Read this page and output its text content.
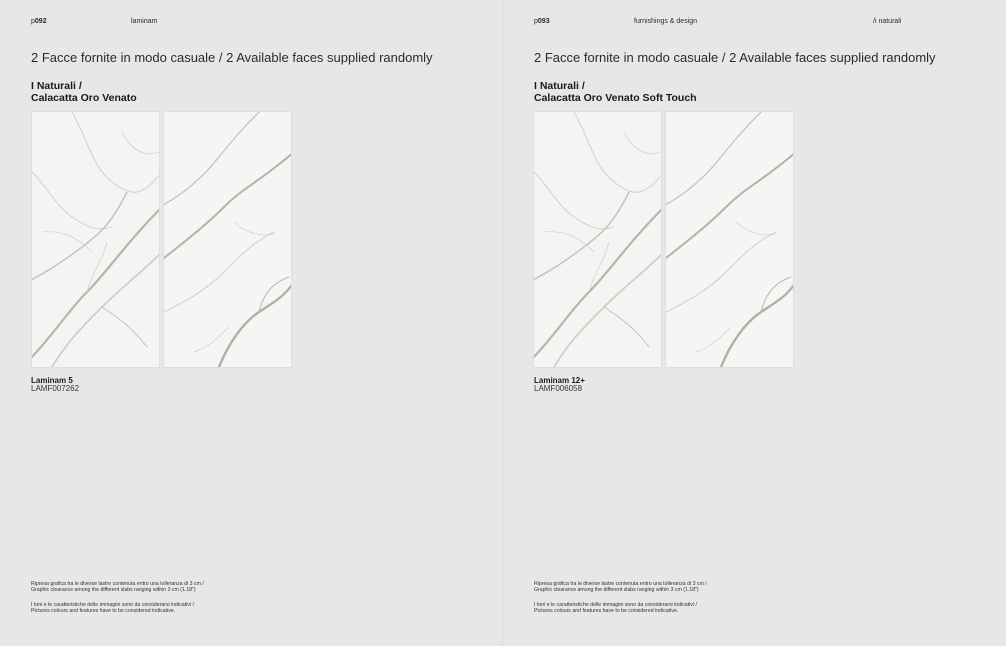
p092	laminam
2 Facce fornite in modo casuale / 2 Available faces supplied randomly
I Naturali /
Calacatta Oro Venato
Laminam 5
LAMF007262
Ripresa grafica tra le diverse lastre contenuta entro una tolleranza di 3 cm /
Graphic clearance among the different slabs ranging within 3 cm (1.18")
I toni e le caratteristiche delle immagini sono da considerarsi indicativi /
Pictures colours and features have to be considered indicative.
p093	furnishings & design	/i naturali
2 Facce fornite in modo casuale / 2 Available faces supplied randomly
I Naturali /
Calacatta Oro Venato Soft Touch
Laminam 12+
LAMF006058
Ripresa grafica tra le diverse lastre contenuta entro una tolleranza di 3 cm /
Graphic clearance among the different slabs ranging within 3 cm (1.18")
I toni e le caratteristiche delle immagini sono da considerarsi indicativi /
Pictures colours and features have to be considered indicative.
